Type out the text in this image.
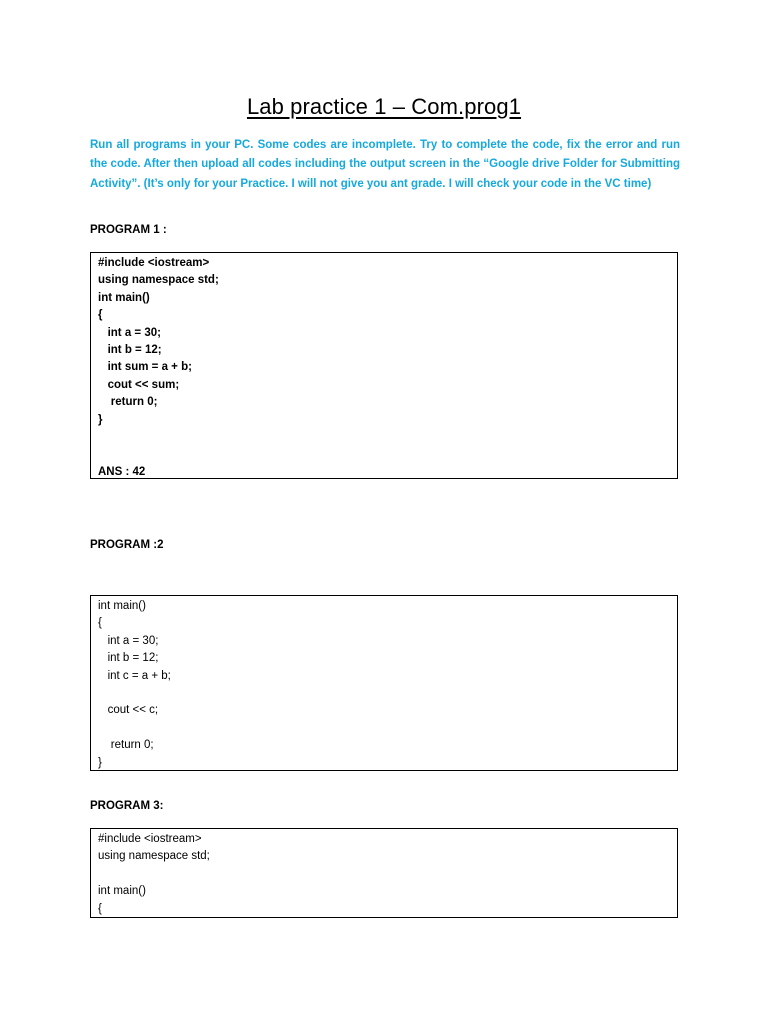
Lab practice 1 – Com.prog1

Run all programs in your PC. Some codes are incomplete. Try to complete the code, fix the error and run the code. After then upload all codes including the output screen in the “Google drive Folder for Submitting Activity”. (It’s only for your Practice. I will not give you ant grade. I will check your code in the VC time)

PROGRAM 1 :

#include <iostream>
using namespace std;
int main()
{
int a = 30;
int b = 12;
int sum = a + b;
cout << sum;
return 0;
}
ANS : 42

PROGRAM :2

int main()
{
int a = 30;
int b = 12;
int c = a + b;
cout << c;
return 0;
}

PROGRAM 3:

#include <iostream>
using namespace std;
int main()
{
